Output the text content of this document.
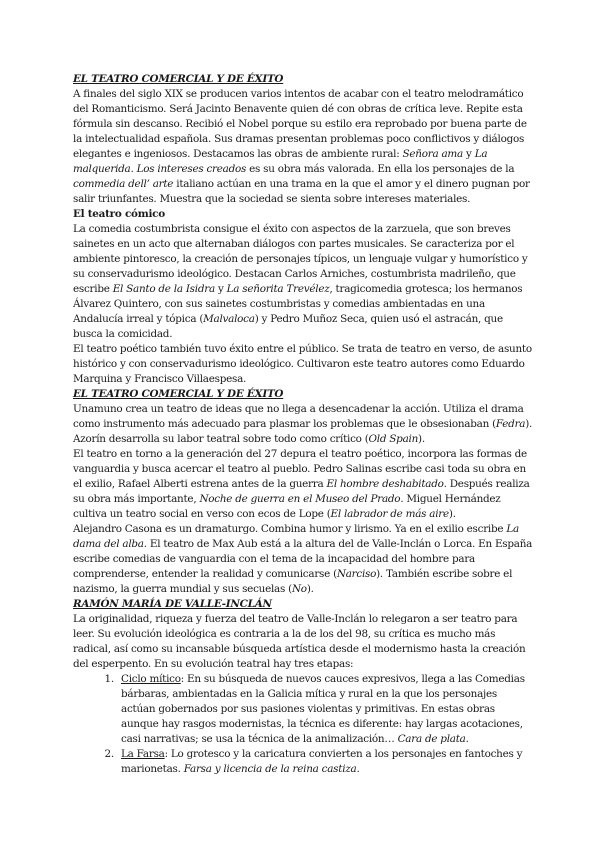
EL TEATRO COMERCIAL Y DE ÉXITO

A finales del siglo XIX se producen varios intentos de acabar con el teatro melodramático del Romanticismo. Será Jacinto Benavente quien dé con obras de crítica leve. Repite esta fórmula sin descanso. Recibió el Nobel porque su estilo era reprobado por buena parte de la intelectualidad española. Sus dramas presentan problemas poco conflictivos y diálogos elegantes e ingeniosos. Destacamos las obras de ambiente rural: Señora ama y La malquerida. Los intereses creados es su obra más valorada. En ella los personajes de la commedia dell’ arte italiano actúan en una trama en la que el amor y el dinero pugnan por salir triunfantes. Muestra que la sociedad se sienta sobre intereses materiales.

El teatro cómico

La comedia costumbrista consigue el éxito con aspectos de la zarzuela, que son breves sainetes en un acto que alternaban diálogos con partes musicales. Se caracteriza por el ambiente pintoresco, la creación de personajes típicos, un lenguaje vulgar y humorístico y su conservadurismo ideológico. Destacan Carlos Arniches, costumbrista madrileño, que escribe El Santo de la Isidra y La señorita Trevélez, tragicomedia grotesca; los hermanos Álvarez Quintero, con sus sainetes costumbristas y comedias ambientadas en una Andalucía irreal y tópica (Malvaloca) y Pedro Muñoz Seca, quien usó el astracán, que busca la comicidad.

El teatro poético también tuvo éxito entre el público. Se trata de teatro en verso, de asunto histórico y con conservadurismo ideológico. Cultivaron este teatro autores como Eduardo Marquina y Francisco Villaespesa.

EL TEATRO COMERCIAL Y DE ÉXITO

Unamuno crea un teatro de ideas que no llega a desencadenar la acción. Utiliza el drama como instrumento más adecuado para plasmar los problemas que le obsesionaban (Fedra). Azorín desarrolla su labor teatral sobre todo como crítico (Old Spain).

El teatro en torno a la generación del 27 depura el teatro poético, incorpora las formas de vanguardia y busca acercar el teatro al pueblo. Pedro Salinas escribe casi toda su obra en el exilio, Rafael Alberti estrena antes de la guerra El hombre deshabitado. Después realiza su obra más importante, Noche de guerra en el Museo del Prado. Miguel Hernández cultiva un teatro social en verso con ecos de Lope (El labrador de más aire).

Alejandro Casona es un dramaturgo. Combina humor y lirismo. Ya en el exilio escribe La dama del alba. El teatro de Max Aub está a la altura del de Valle-Inclán o Lorca. En España escribe comedias de vanguardia con el tema de la incapacidad del hombre para comprenderse, entender la realidad y comunicarse (Narciso). También escribe sobre el nazismo, la guerra mundial y sus secuelas (No).

RAMÓN MARÍA DE VALLE-INCLÁN

La originalidad, riqueza y fuerza del teatro de Valle-Inclán lo relegaron a ser teatro para leer. Su evolución ideológica es contraria a la de los del 98, su crítica es mucho más radical, así como su incansable búsqueda artística desde el modernismo hasta la creación del esperpento. En su evolución teatral hay tres etapas:

1. Ciclo mítico: En su búsqueda de nuevos cauces expresivos, llega a las Comedias bárbaras, ambientadas en la Galicia mítica y rural en la que los personajes actúan gobernados por sus pasiones violentas y primitivas. En estas obras aunque hay rasgos modernistas, la técnica es diferente: hay largas acotaciones, casi narrativas; se usa la técnica de la animalización… Cara de plata.
2. La Farsa: Lo grotesco y la caricatura convierten a los personajes en fantoches y marionetas. Farsa y licencia de la reina castiza.
